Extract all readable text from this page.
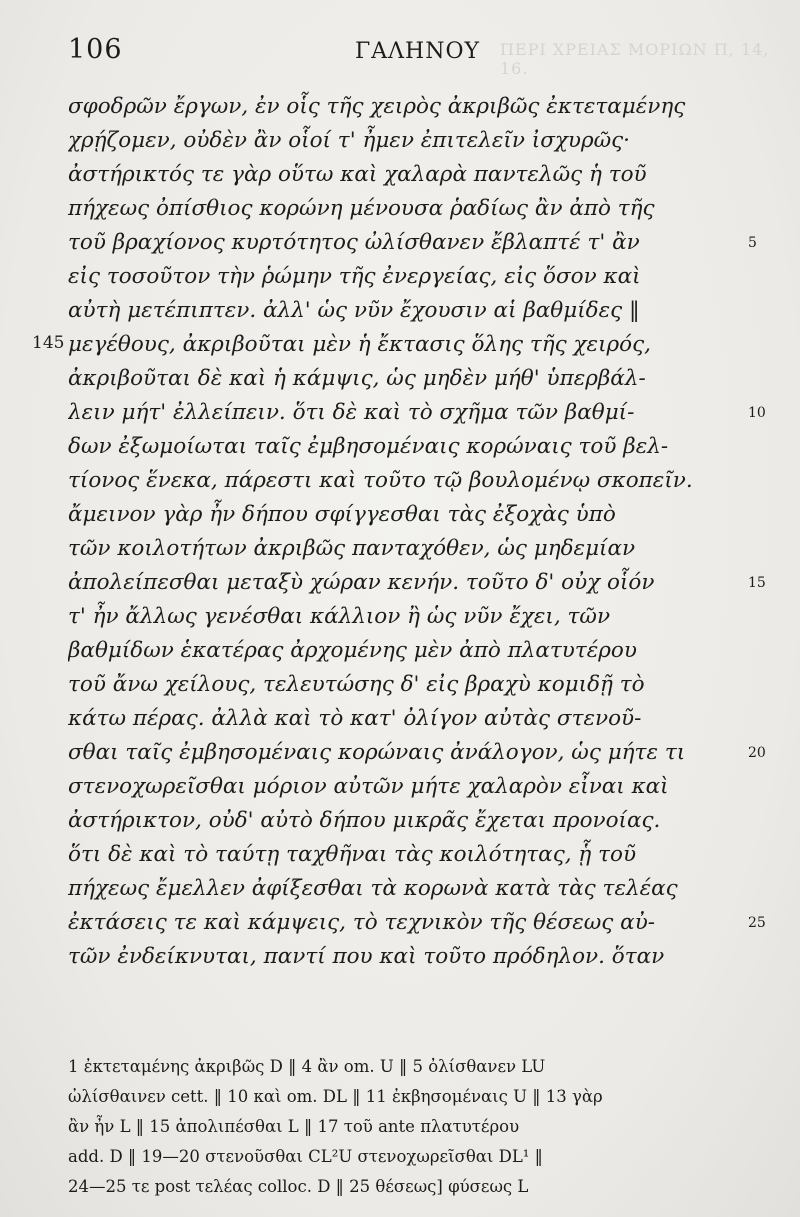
106	ΓΑΛΗΝΟΥ ΠΕΡΙ ΧΡΕΙΑΣ ΜΟΡΙΩΝ Π, 14, 16.
σφοδρῶν ἔργων, ἐν οἷς τῆς χειρὸς ἀκριβῶς ἐκτεταμένης
χρῄζομεν, οὐδὲν ἂν οἷοί τ' ἦμεν ἐπιτελεῖν ἰσχυρῶς·
ἀστήρικτός τε γὰρ οὕτω καὶ χαλαρὰ παντελῶς ἡ τοῦ
πήχεως ὀπίσθιος κορώνη μένουσα ῥαδίως ἂν ἀπὸ τῆς
τοῦ βραχίονος κυρτότητος ὠλίσθανεν ἔβλαπτέ τ' ἂν	5
εἰς τοσοῦτον τὴν ῥώμην τῆς ἐνεργείας, εἰς ὅσον καὶ
αὐτὴ μετέπιπτεν. ἀλλ' ὡς νῦν ἔχουσιν αἱ βαθμίδες ‖
μεγέθους, ἀκριβοῦται μὲν ἡ ἔκτασις ὅλης τῆς χειρός,
145
ἀκριβοῦται δὲ καὶ ἡ κάμψις, ὡς μηδὲν μήθ' ὑπερβάλ-
λειν μήτ' ἐλλείπειν. ὅτι δὲ καὶ τὸ σχῆμα τῶν βαθμί-	10
δων ἐξωμοίωται ταῖς ἐμβησομέναις κορώναις τοῦ βελ-
τίονος ἕνεκα, πάρεστι καὶ τοῦτο τῷ βουλομένῳ σκοπεῖν.
ἄμεινον γὰρ ἦν δήπου σφίγγεσθαι τὰς ἐξοχὰς ὑπὸ
τῶν κοιλοτήτων ἀκριβῶς πανταχόθεν, ὡς μηδεμίαν
ἀπολείπεσθαι μεταξὺ χώραν κενήν. τοῦτο δ' οὐχ οἷόν	15
τ' ἦν ἄλλως γενέσθαι κάλλιον ἢ ὡς νῦν ἔχει, τῶν
βαθμίδων ἑκατέρας ἀρχομένης μὲν ἀπὸ πλατυτέρου
τοῦ ἄνω χείλους, τελευτώσης δ' εἰς βραχὺ κομιδῇ τὸ
κάτω πέρας. ἀλλὰ καὶ τὸ κατ' ὀλίγον αὐτὰς στενοῦ-
σθαι ταῖς ἐμβησομέναις κορώναις ἀνάλογον, ὡς μήτε τι	20
στενοχωρεῖσθαι μόριον αὐτῶν μήτε χαλαρὸν εἶναι καὶ
ἀστήρικτον, οὐδ' αὐτὸ δήπου μικρᾶς ἔχεται προνοίας.
ὅτι δὲ καὶ τὸ ταύτῃ ταχθῆναι τὰς κοιλότητας, ᾗ τοῦ
πήχεως ἔμελλεν ἀφίξεσθαι τὰ κορωνὰ κατὰ τὰς τελέας
ἐκτάσεις τε καὶ κάμψεις, τὸ τεχνικὸν τῆς θέσεως αὐ-	25
τῶν ἐνδείκνυται, παντί που καὶ τοῦτο πρόδηλον. ὅταν
1 ἐκτεταμένης ἀκριβῶς D ‖ 4 ἂν om. U ‖ 5 ὀλίσθανεν LU
ὠλίσθαινεν cett. ‖ 10 καὶ om. DL ‖ 11 ἐκβησομέναις U ‖ 13 γὰρ
ἂν ἦν L ‖ 15 ἀπολιπέσθαι L ‖ 17 τοῦ ante πλατυτέρου
add. D ‖ 19—20 στενοῦσθαι CL²U στενοχωρεῖσθαι DL¹ ‖
24—25 τε post τελέας colloc. D ‖ 25 θέσεως] φύσεως L
